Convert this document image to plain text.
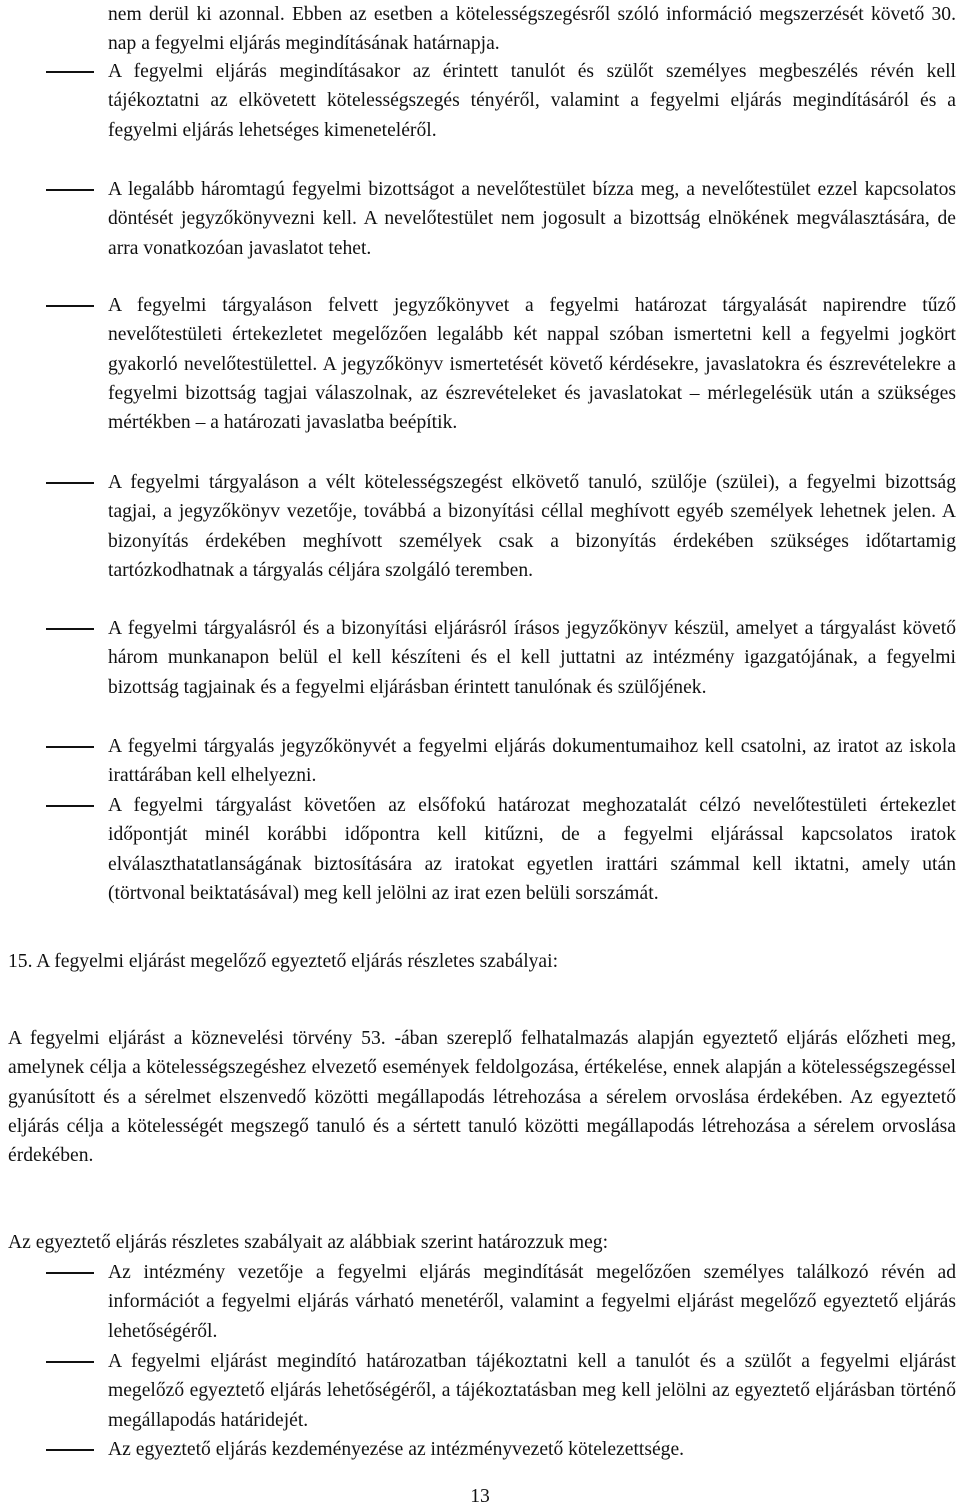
nem derül ki azonnal. Ebben az esetben a kötelességszegésről szóló információ megszerzését követő 30. nap a fegyelmi eljárás megindításának határnapja.

A fegyelmi eljárás megindításakor az érintett tanulót és szülőt személyes megbeszélés révén kell tájékoztatni az elkövetett kötelességszegés tényéről, valamint a fegyelmi eljárás megindításáról és a fegyelmi eljárás lehetséges kimeneteléről.

A legalább háromtagú fegyelmi bizottságot a nevelőtestület bízza meg, a nevelőtestület ezzel kapcsolatos döntését jegyzőkönyvezni kell. A nevelőtestület nem jogosult a bizottság elnökének megválasztására, de arra vonatkozóan javaslatot tehet.

A fegyelmi tárgyaláson felvett jegyzőkönyvet a fegyelmi határozat tárgyalását napirendre tűző nevelőtestületi értekezletet megelőzően legalább két nappal szóban ismertetni kell a fegyelmi jogkört gyakorló nevelőtestülettel. A jegyzőkönyv ismertetését követő kérdésekre, javaslatokra és észrevételekre a fegyelmi bizottság tagjai válaszolnak, az észrevételeket és javaslatokat – mérlegelésük után a szükséges mértékben – a határozati javaslatba beépítik.

A fegyelmi tárgyaláson a vélt kötelességszegést elkövető tanuló, szülője (szülei), a fegyelmi bizottság tagjai, a jegyzőkönyv vezetője, továbbá a bizonyítási céllal meghívott egyéb személyek lehetnek jelen. A bizonyítás érdekében meghívott személyek csak a bizonyítás érdekében szükséges időtartamig tartózkodhatnak a tárgyalás céljára szolgáló teremben.

A fegyelmi tárgyalásról és a bizonyítási eljárásról írásos jegyzőkönyv készül, amelyet a tárgyalást követő három munkanapon belül el kell készíteni és el kell juttatni az intézmény igazgatójának, a fegyelmi bizottság tagjainak és a fegyelmi eljárásban érintett tanulónak és szülőjének.

A fegyelmi tárgyalás jegyzőkönyvét a fegyelmi eljárás dokumentumaihoz kell csatolni, az iratot az iskola irattárában kell elhelyezni.

A fegyelmi tárgyalást követően az elsőfokú határozat meghozatalát célzó nevelőtestületi értekezlet időpontját minél korábbi időpontra kell kitűzni, de a fegyelmi eljárással kapcsolatos iratok elválaszthatatlanságának biztosítására az iratokat egyetlen irattári számmal kell iktatni, amely után (törtvonal beiktatásával) meg kell jelölni az irat ezen belüli sorszámát.

15. A fegyelmi eljárást megelőző egyeztető eljárás részletes szabályai:

A fegyelmi eljárást a köznevelési törvény 53. -ában szereplő felhatalmazás alapján egyeztető eljárás előzheti meg, amelynek célja a kötelességszegéshez elvezető események feldolgozása, értékelése, ennek alapján a kötelességszegéssel gyanúsított és a sérelmet elszenvedő közötti megállapodás létrehozása a sérelem orvoslása érdekében. Az egyeztető eljárás célja a kötelességét megszegő tanuló és a sértett tanuló közötti megállapodás létrehozása a sérelem orvoslása érdekében.

Az egyeztető eljárás részletes szabályait az alábbiak szerint határozzuk meg:

Az intézmény vezetője a fegyelmi eljárás megindítását megelőzően személyes találkozó révén ad információt a fegyelmi eljárás várható menetéről, valamint a fegyelmi eljárást megelőző egyeztető eljárás lehetőségéről.

A fegyelmi eljárást megindító határozatban tájékoztatni kell a tanulót és a szülőt a fegyelmi eljárást megelőző egyeztető eljárás lehetőségéről, a tájékoztatásban meg kell jelölni az egyeztető eljárásban történő megállapodás határidejét.

Az egyeztető eljárás kezdeményezése az intézményvezető kötelezettsége.

13
